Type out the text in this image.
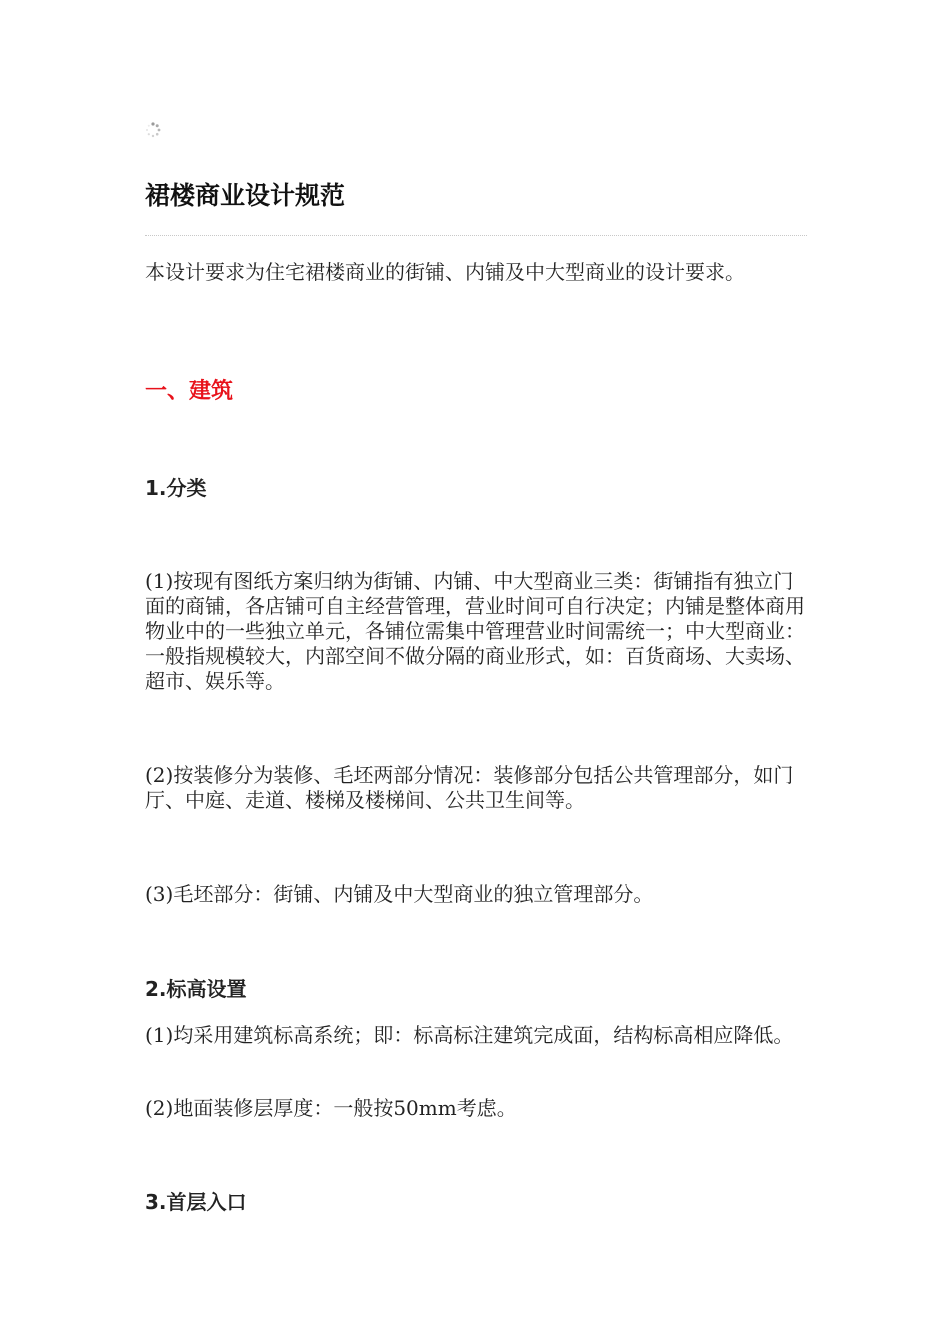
裙楼商业设计规范

本设计要求为住宅裙楼商业的街铺、内铺及中大型商业的设计要求。

一、建筑
1.分类

(1)按现有图纸方案归纳为街铺、内铺、中大型商业三类：街铺指有独立门面的商铺，各店铺可自主经营管理，营业时间可自行决定；内铺是整体商用物业中的一些独立单元，各铺位需集中管理营业时间需统一；中大型商业：一般指规模较大，内部空间不做分隔的商业形式，如：百货商场、大卖场、超市、娱乐等。

(2)按装修分为装修、毛坯两部分情况：装修部分包括公共管理部分，如门厅、中庭、走道、楼梯及楼梯间、公共卫生间等。

(3)毛坯部分：街铺、内铺及中大型商业的独立管理部分。

2.标高设置

(1)均采用建筑标高系统；即：标高标注建筑完成面，结构标高相应降低。

(2)地面装修层厚度：一般按50mm考虑。

3.首层入口
